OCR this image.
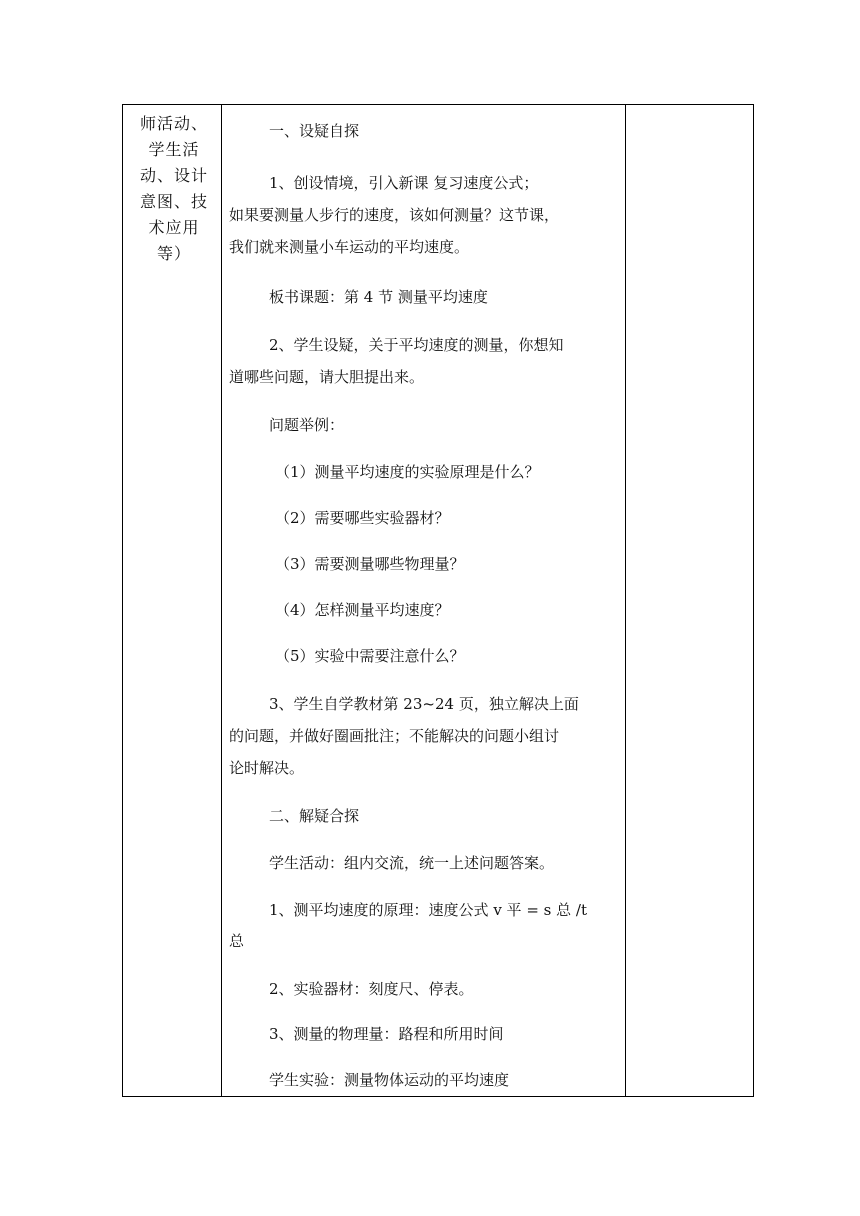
师活动、
学生活
动、设计
意图、技
术应用
等）
一、设疑自探
1、创设情境，引入新课 复习速度公式；
如果要测量人步行的速度，该如何测量？这节课，
我们就来测量小车运动的平均速度。
板书课题：第 4 节 测量平均速度
2、学生设疑，关于平均速度的测量，你想知
道哪些问题，请大胆提出来。
问题举例：
（1）测量平均速度的实验原理是什么？
（2）需要哪些实验器材？
（3）需要测量哪些物理量？
（4）怎样测量平均速度？
（5）实验中需要注意什么？
3、学生自学教材第 23~24 页，独立解决上面
的问题，并做好圈画批注；不能解决的问题小组讨
论时解决。
二、解疑合探
学生活动：组内交流，统一上述问题答案。
1、测平均速度的原理：速度公式 v 平 = s 总 /t
总
2、实验器材：刻度尺、停表。
3、测量的物理量：路程和所用时间
学生实验：测量物体运动的平均速度
